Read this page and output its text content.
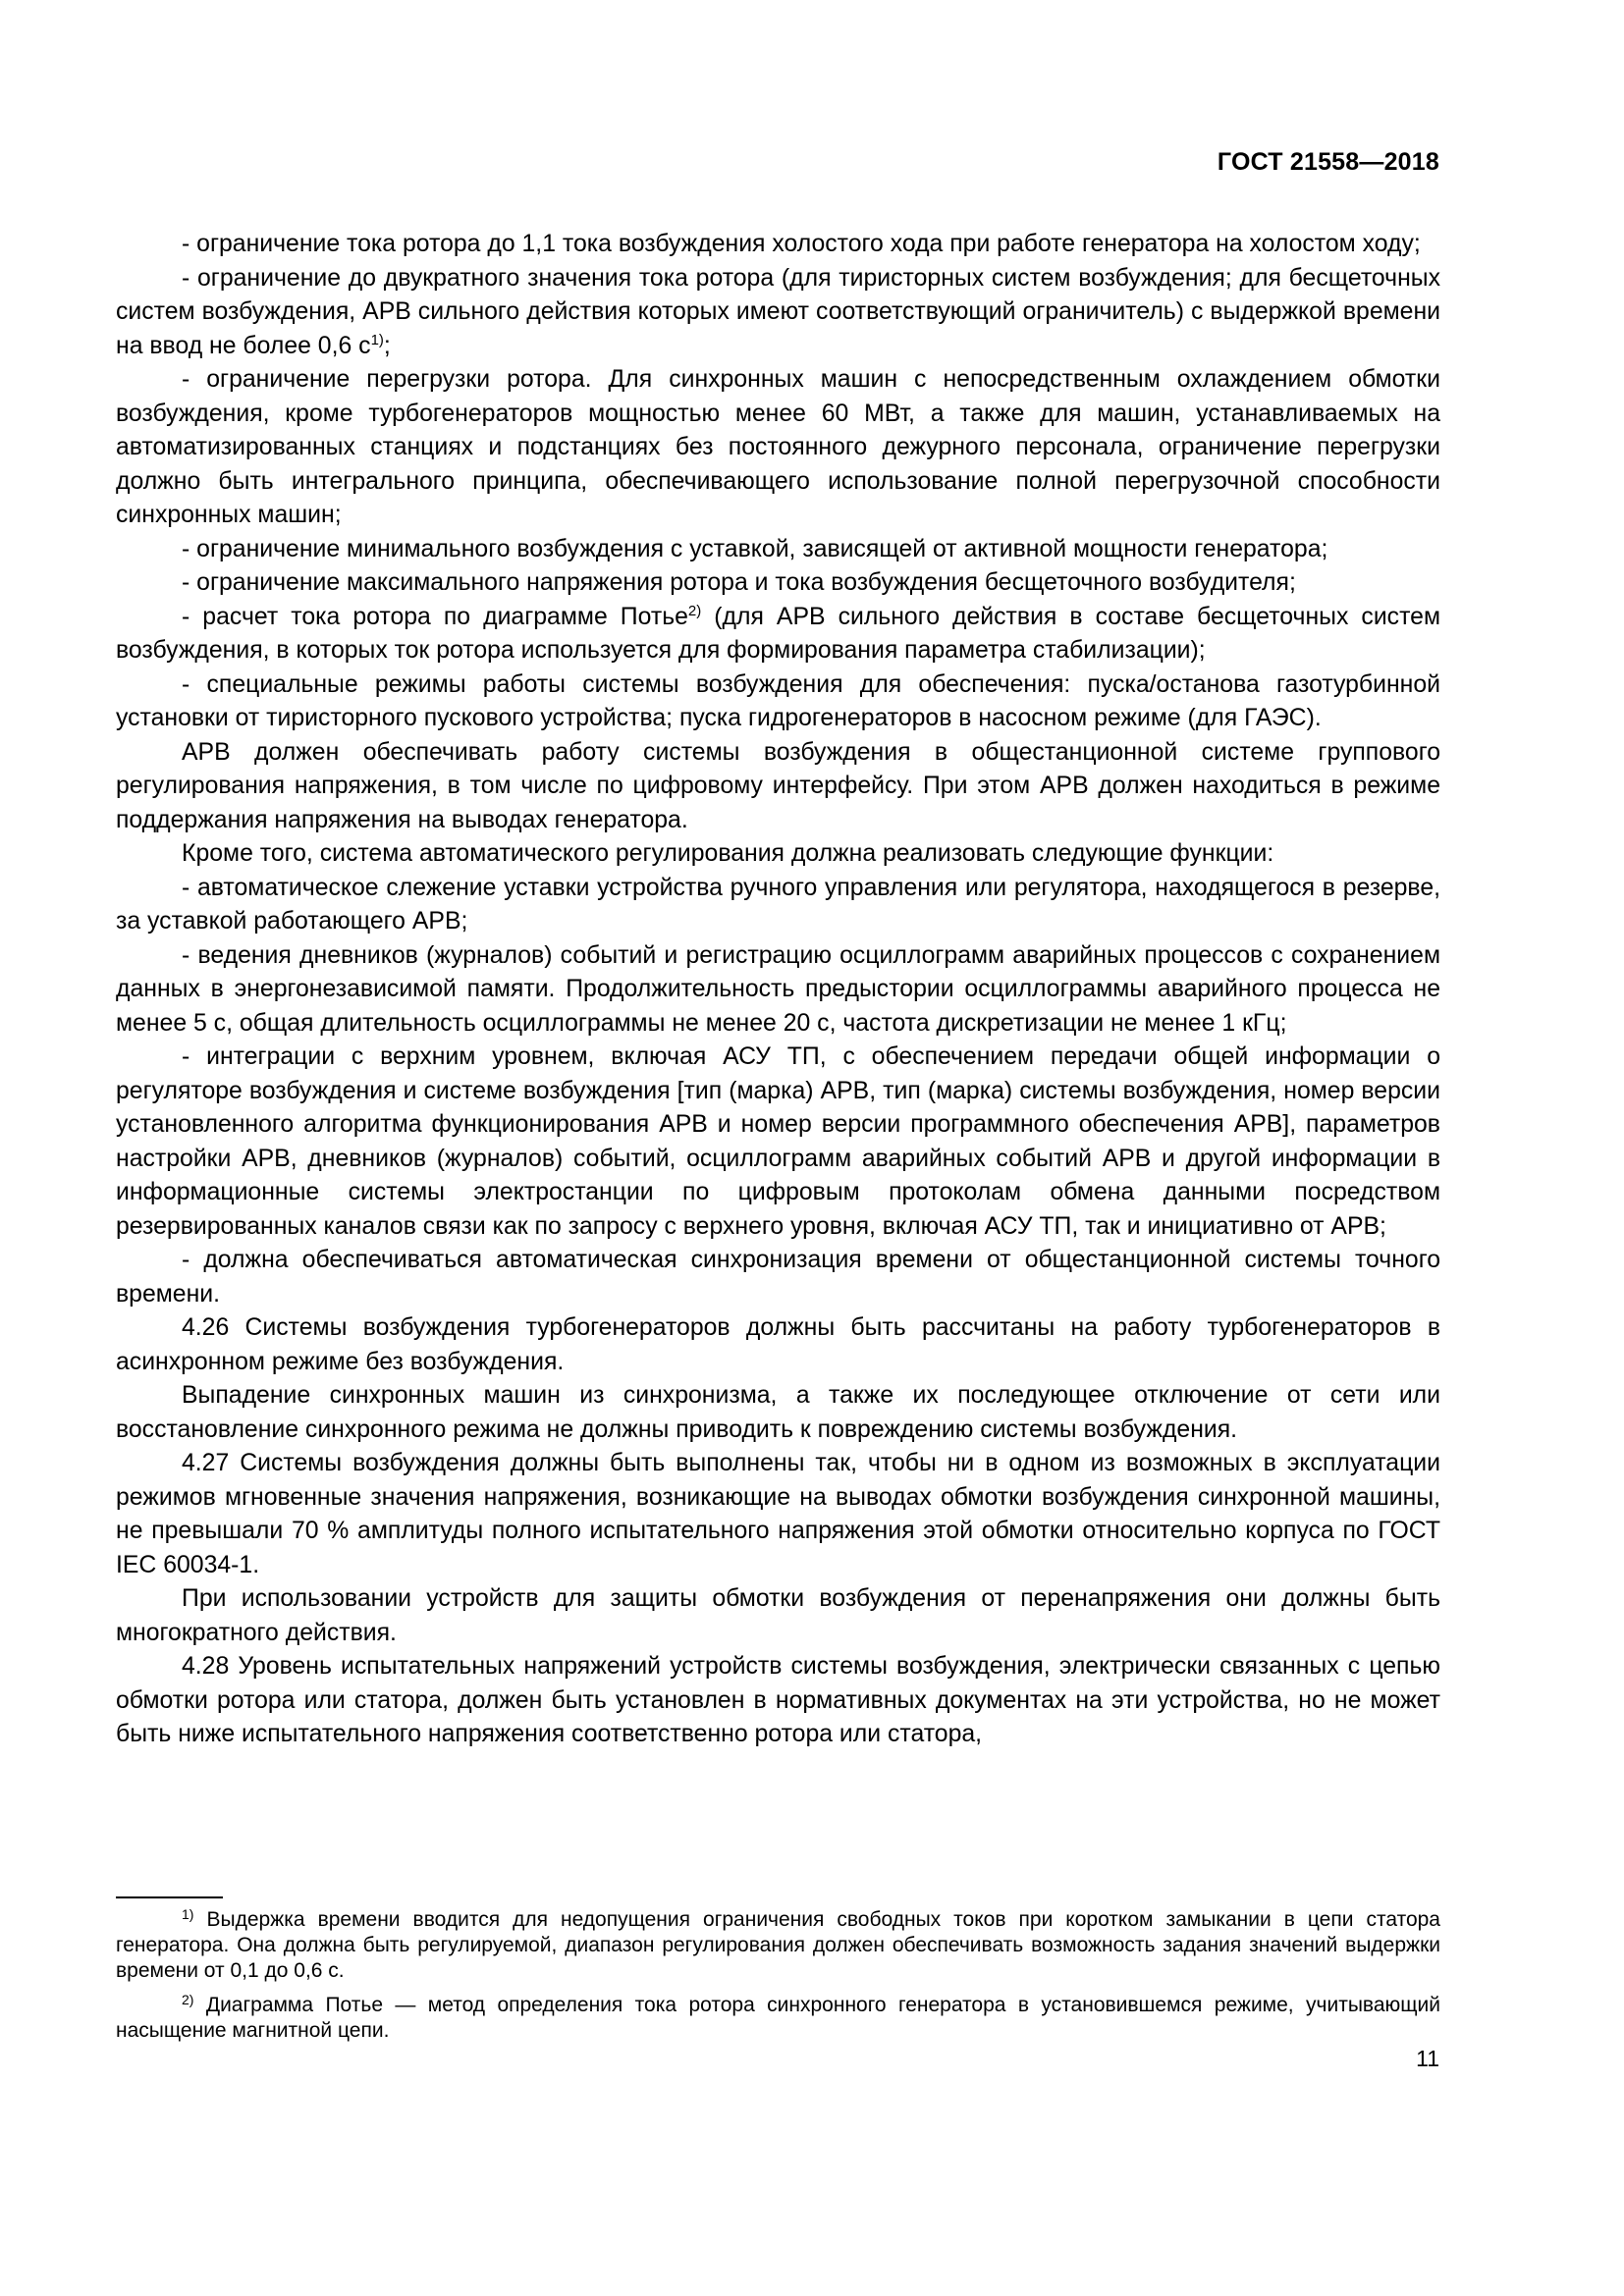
ГОСТ 21558—2018

- ограничение тока ротора до 1,1 тока возбуждения холостого хода при работе генератора на холостом ходу;

- ограничение до двукратного значения тока ротора (для тиристорных систем возбуждения; для бесщеточных систем возбуждения, АРВ сильного действия которых имеют соответствующий ограничитель) с выдержкой времени на ввод не более 0,6 $с^{1)}$;

- ограничение перегрузки ротора. Для синхронных машин с непосредственным охлаждением обмотки возбуждения, кроме турбогенераторов мощностью менее 60 МВт, а также для машин, устанавливаемых на автоматизированных станциях и подстанциях без постоянного дежурного персонала, ограничение перегрузки должно быть интегрального принципа, обеспечивающего использование полной перегрузочной способности синхронных машин;

- ограничение минимального возбуждения с уставкой, зависящей от активной мощности генератора;

- ограничение максимального напряжения ротора и тока возбуждения бесщеточного возбудителя;

- расчет тока ротора по диаграмме Потье$^{2)}$ (для АРВ сильного действия в составе бесщеточных систем возбуждения, в которых ток ротора используется для формирования параметра стабилизации);

- специальные режимы работы системы возбуждения для обеспечения: пуска/останова газотурбинной установки от тиристорного пускового устройства; пуска гидрогенераторов в насосном режиме (для ГАЭС).

АРВ должен обеспечивать работу системы возбуждения в общестанционной системе группового регулирования напряжения, в том числе по цифровому интерфейсу. При этом АРВ должен находиться в режиме поддержания напряжения на выводах генератора.

Кроме того, система автоматического регулирования должна реализовать следующие функции:

- автоматическое слежение уставки устройства ручного управления или регулятора, находящегося в резерве, за уставкой работающего АРВ;

- ведения дневников (журналов) событий и регистрацию осциллограмм аварийных процессов с сохранением данных в энергонезависимой памяти. Продолжительность предыстории осциллограммы аварийного процесса не менее 5 с, общая длительность осциллограммы не менее 20 с, частота дискретизации не менее 1 кГц;

- интеграции с верхним уровнем, включая АСУ ТП, с обеспечением передачи общей информации о регуляторе возбуждения и системе возбуждения [тип (марка) АРВ, тип (марка) системы возбуждения, номер версии установленного алгоритма функционирования АРВ и номер версии программного обеспечения АРВ], параметров настройки АРВ, дневников (журналов) событий, осциллограмм аварийных событий АРВ и другой информации в информационные системы электростанции по цифровым протоколам обмена данными посредством резервированных каналов связи как по запросу с верхнего уровня, включая АСУ ТП, так и инициативно от АРВ;

- должна обеспечиваться автоматическая синхронизация времени от общестанционной системы точного времени.

4.26 Системы возбуждения турбогенераторов должны быть рассчитаны на работу турбогенераторов в асинхронном режиме без возбуждения.

Выпадение синхронных машин из синхронизма, а также их последующее отключение от сети или восстановление синхронного режима не должны приводить к повреждению системы возбуждения.

4.27 Системы возбуждения должны быть выполнены так, чтобы ни в одном из возможных в эксплуатации режимов мгновенные значения напряжения, возникающие на выводах обмотки возбуждения синхронной машины, не превышали 70 % амплитуды полного испытательного напряжения этой обмотки относительно корпуса по ГОСТ IEC 60034-1.

При использовании устройств для защиты обмотки возбуждения от перенапряжения они должны быть многократного действия.

4.28 Уровень испытательных напряжений устройств системы возбуждения, электрически связанных с цепью обмотки ротора или статора, должен быть установлен в нормативных документах на эти устройства, но не может быть ниже испытательного напряжения соответственно ротора или статора,

$^{1)}$ Выдержка времени вводится для недопущения ограничения свободных токов при коротком замыкании в цепи статора генератора. Она должна быть регулируемой, диапазон регулирования должен обеспечивать возможность задания значений выдержки времени от 0,1 до 0,6 с.

$^{2)}$ Диаграмма Потье — метод определения тока ротора синхронного генератора в установившемся режиме, учитывающий насыщение магнитной цепи.

11
